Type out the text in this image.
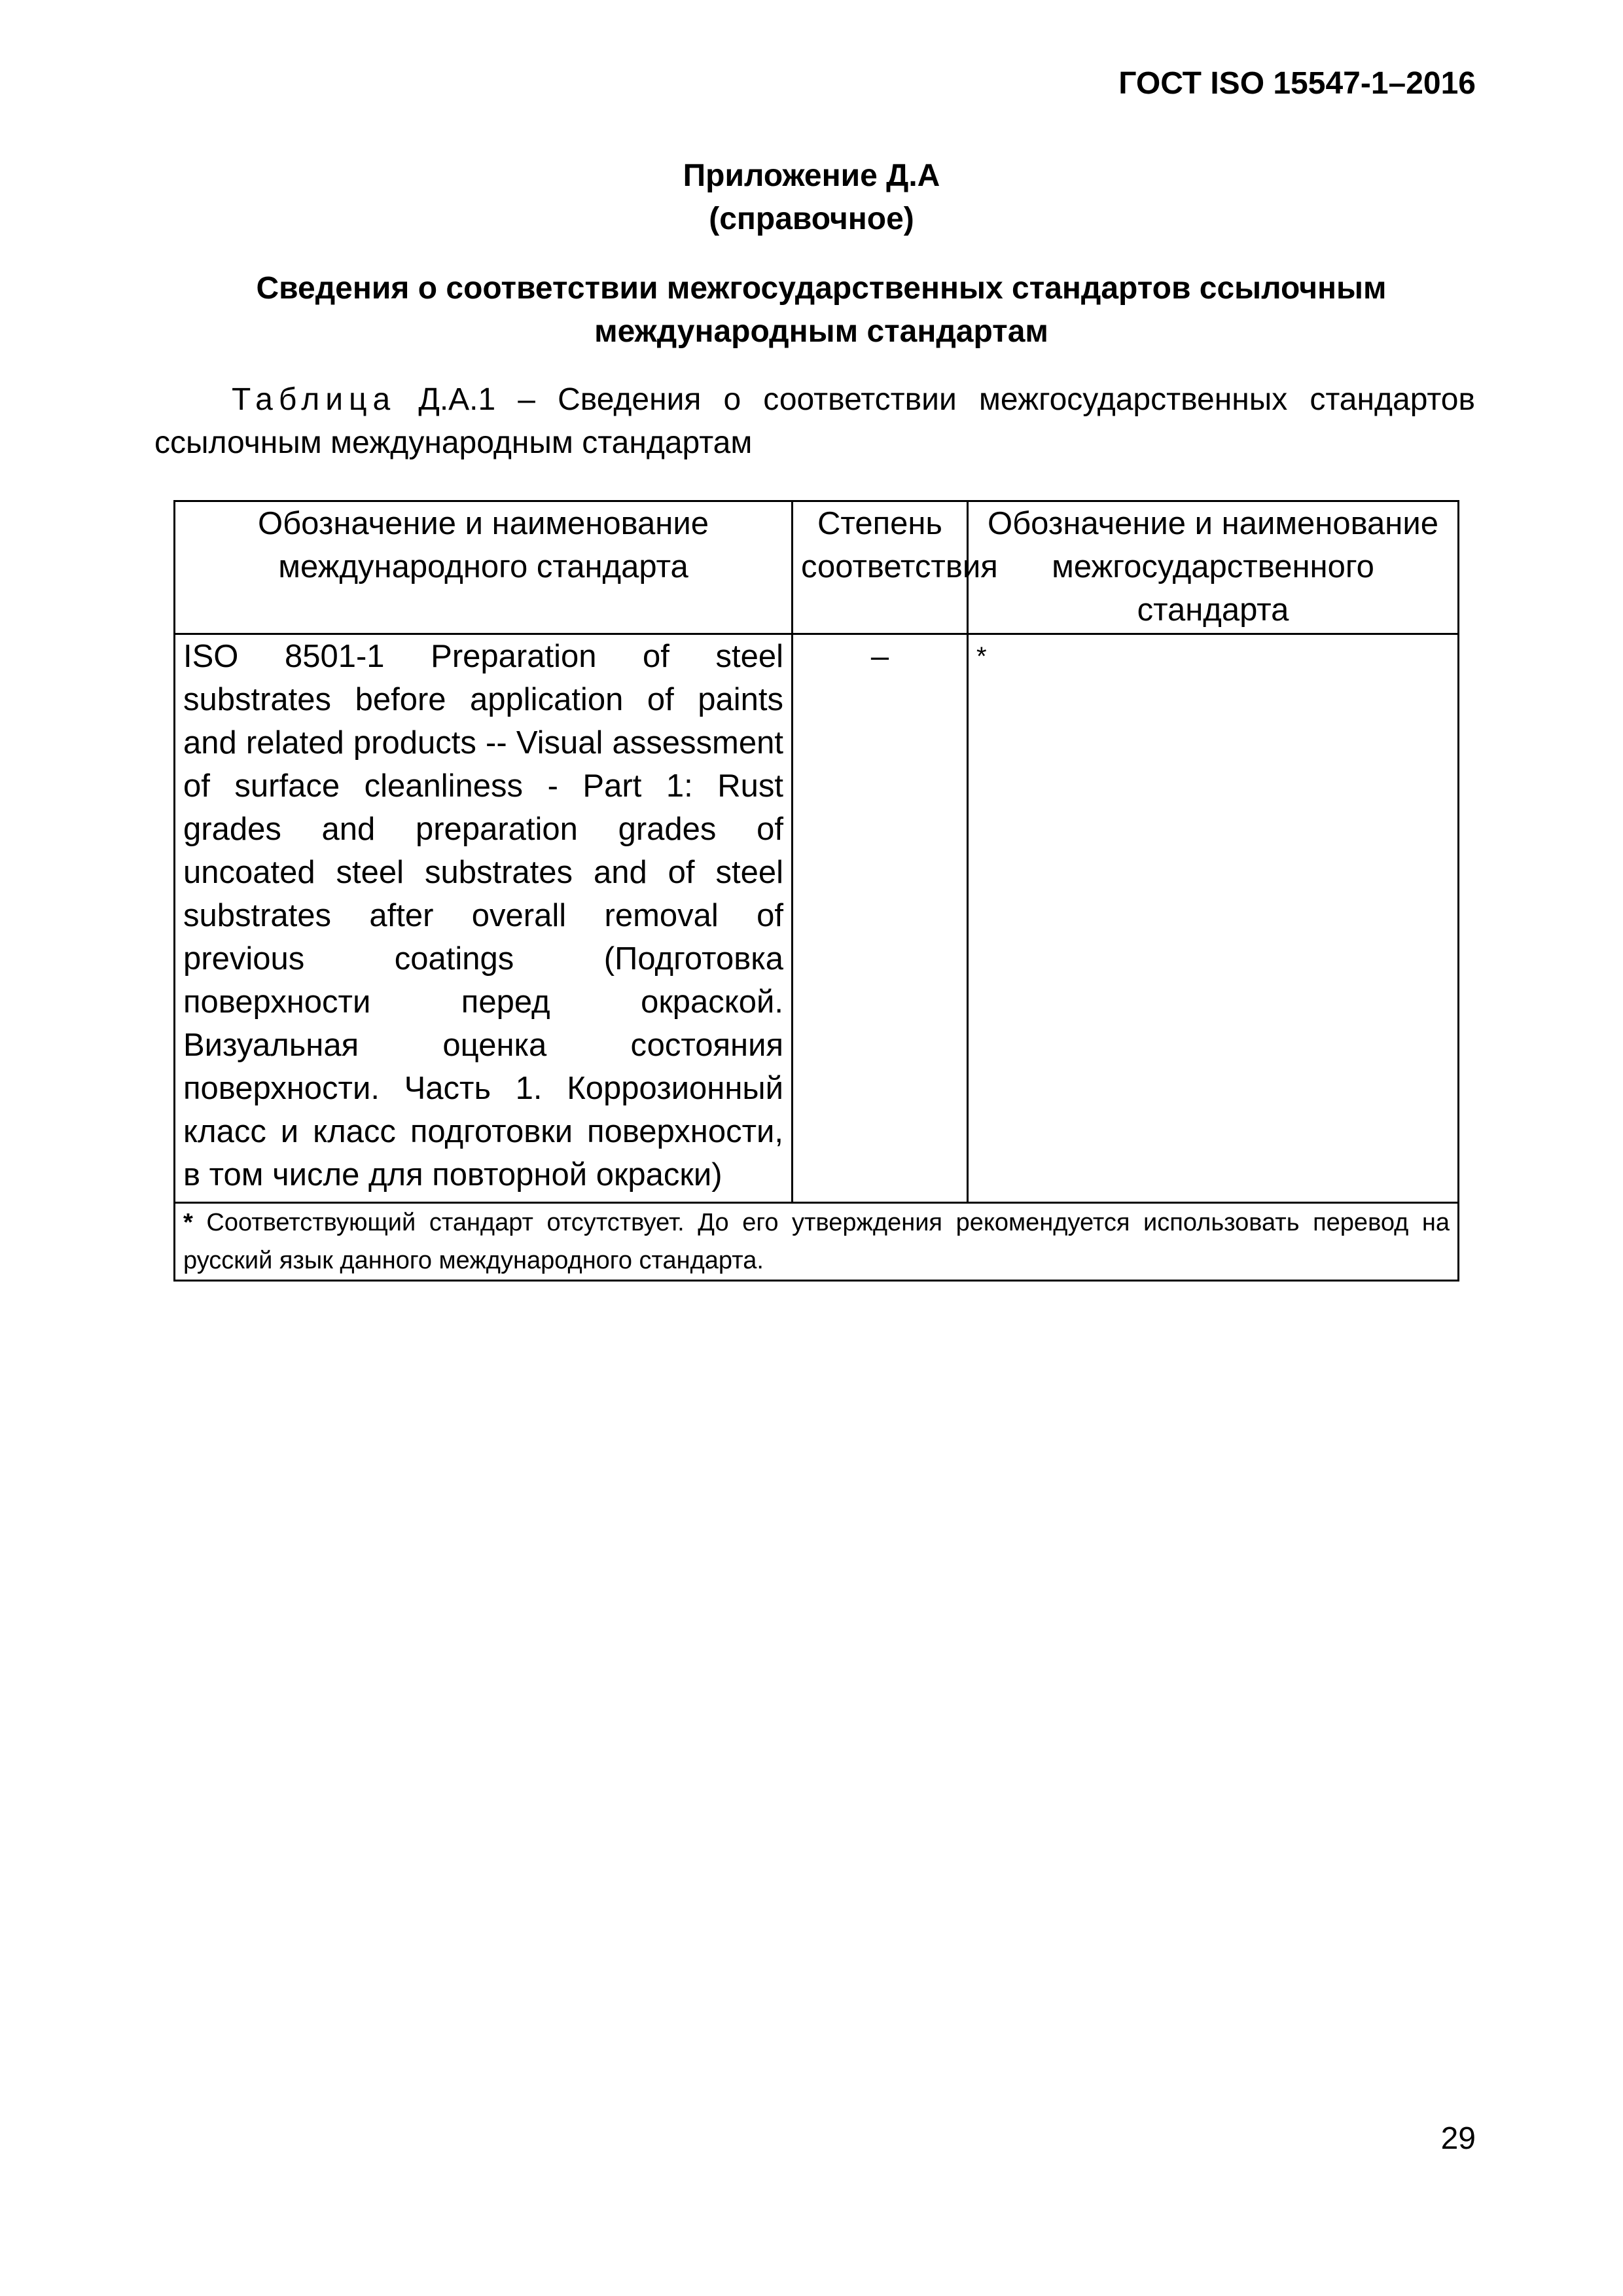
ГОСТ ISO 15547-1–2016
Приложение Д.А
(справочное)
Сведения о соответствии межгосударственных стандартов ссылочным международным стандартам
Таблица Д.А.1 – Сведения о соответствии межгосударственных стандартов ссылочным международным стандартам
Обозначение и наименование международного стандарта	Степень соответствия	Обозначение и наименование межгосударственного стандарта
ISO 8501-1 Preparation of steel substrates before application of paints and related products -- Visual assessment of surface cleanliness - Part 1: Rust grades and preparation grades of uncoated steel substrates and of steel substrates after overall removal of previous coatings (Подготовка поверхности перед окраской. Визуальная оценка состояния поверхности. Часть 1. Коррозионный класс и класс подготовки поверхности, в том числе для повторной окраски)	–	*
* Соответствующий стандарт отсутствует. До его утверждения рекомендуется использовать перевод на русский язык данного международного стандарта.		
29
